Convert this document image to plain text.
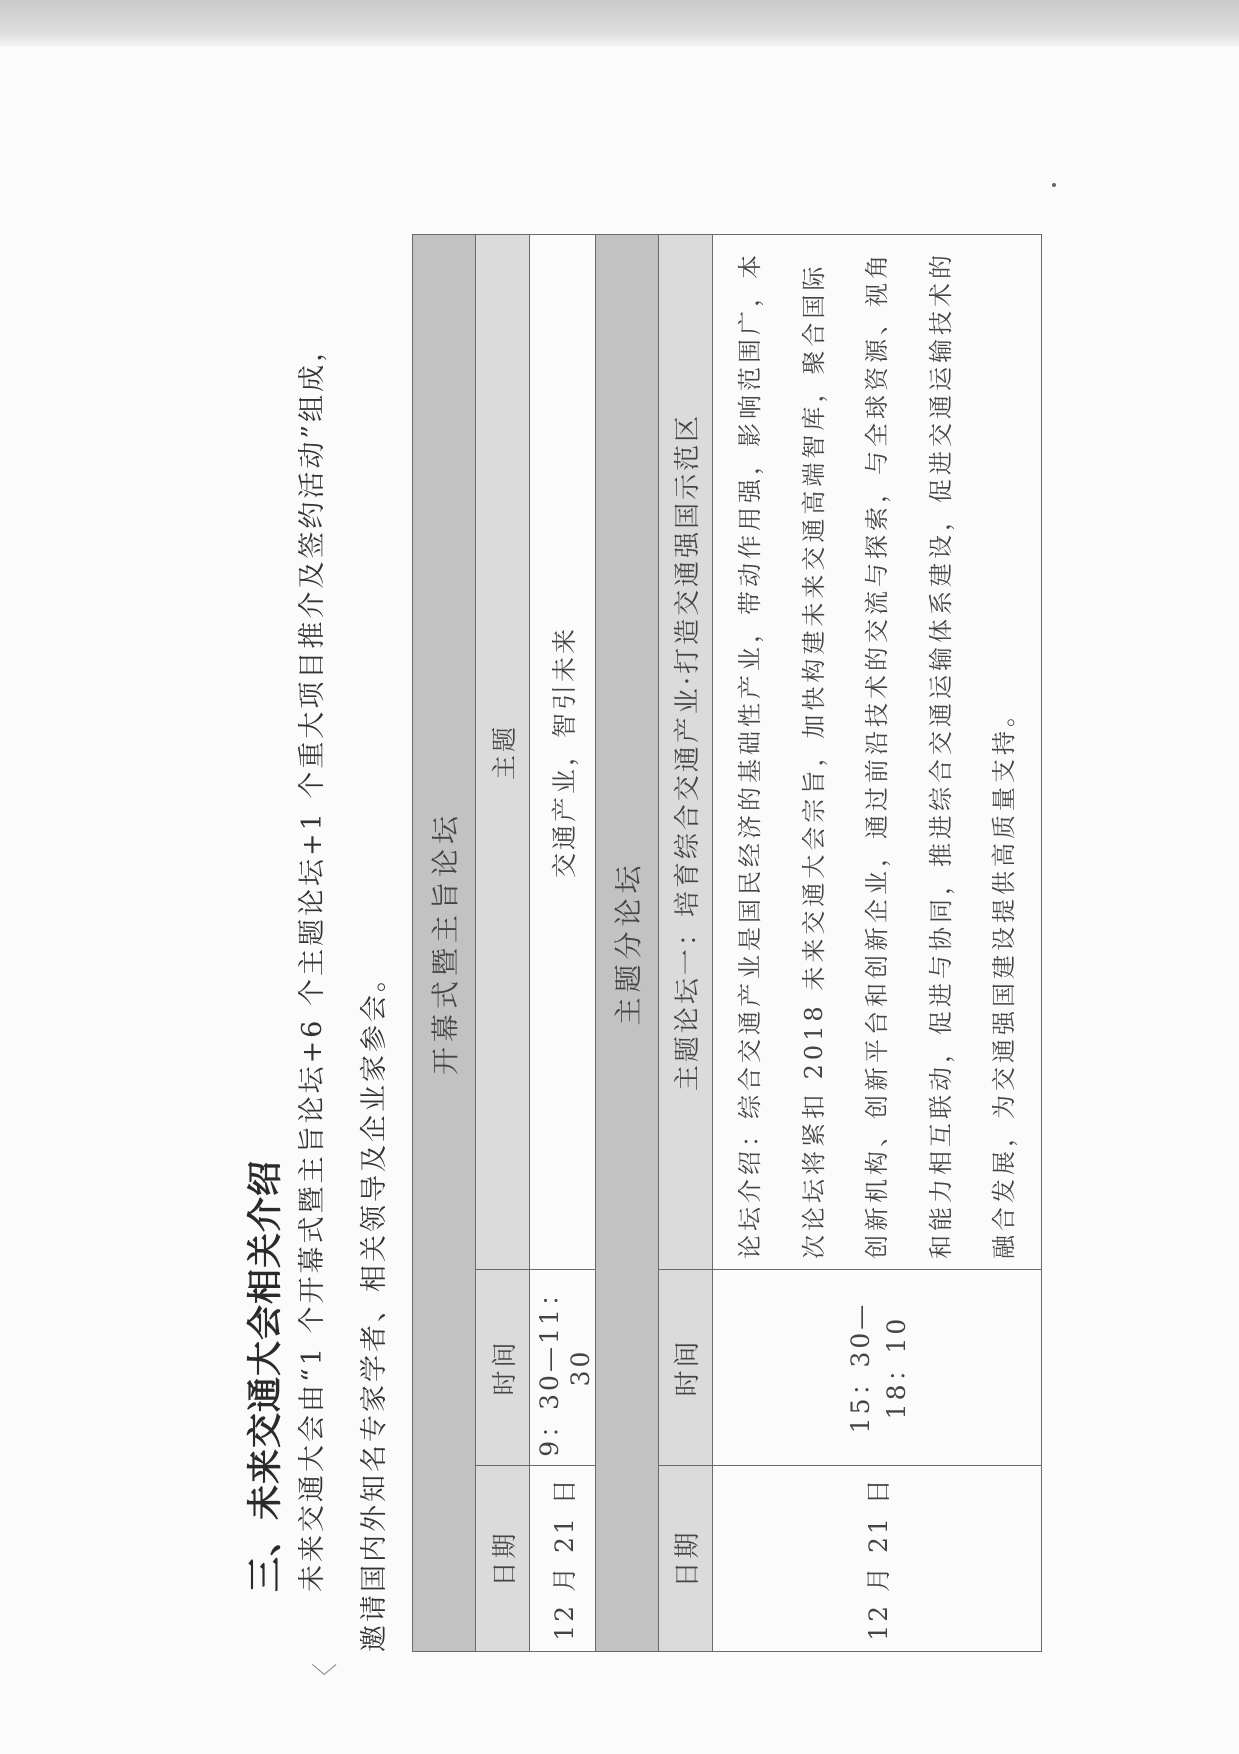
三、未来交通大会相关介绍 未来交通大会由“1 个开幕式暨主旨论坛+6 个主题论坛+1 个重大项目推介及签约活动”组成， 邀请国内外知名专家学者、相关领导及企业家参会。

开幕式暨主旨论坛		
日期	时间	主题
12 月 21 日	9：30—11：30	交通产业，智引未来
主题分论坛		
日期	时间	主题论坛一：培育综合交通产业·打造交通强国示范区
12 月 21 日	15：30—18：10	论坛介绍：综合交通产业是国民经济的基础性产业，带动作用强，影响范围广，本次论坛将紧扣 2018 未来交通大会宗旨，加快构建未来交通高端智库，聚合国际创新机构、创新平台和创新企业，通过前沿技术的交流与探索，与全球资源、视角和能力相互联动，促进与协同，推进综合交通运输体系建设，促进交通运输技术的融合发展，为交通强国建设提供高质量支持。
〈
